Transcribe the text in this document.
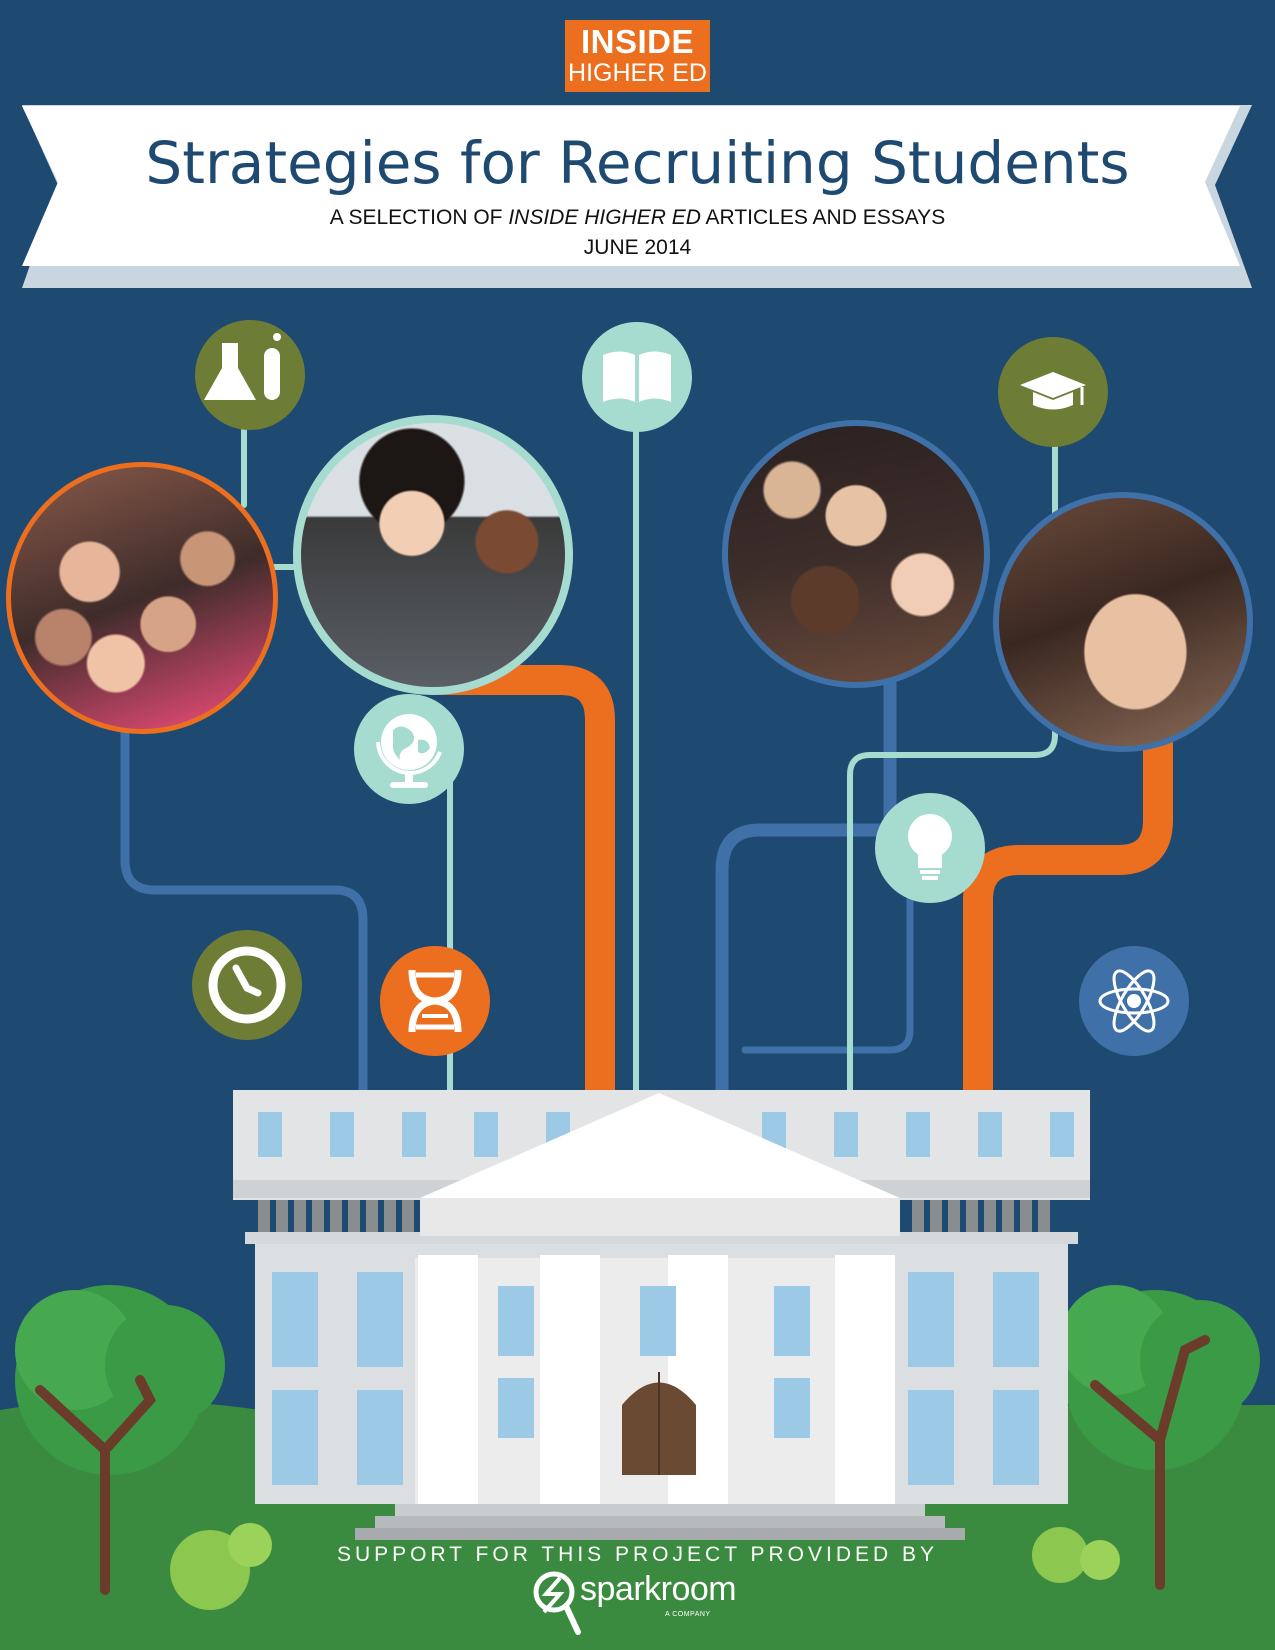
INSIDE
HIGHER ED
Strategies for Recruiting Students
A SELECTION OF INSIDE HIGHER ED ARTICLES AND ESSAYS
JUNE 2014
SUPPORT FOR THIS PROJECT PROVIDED BY
sparkroom
A COMPANY
